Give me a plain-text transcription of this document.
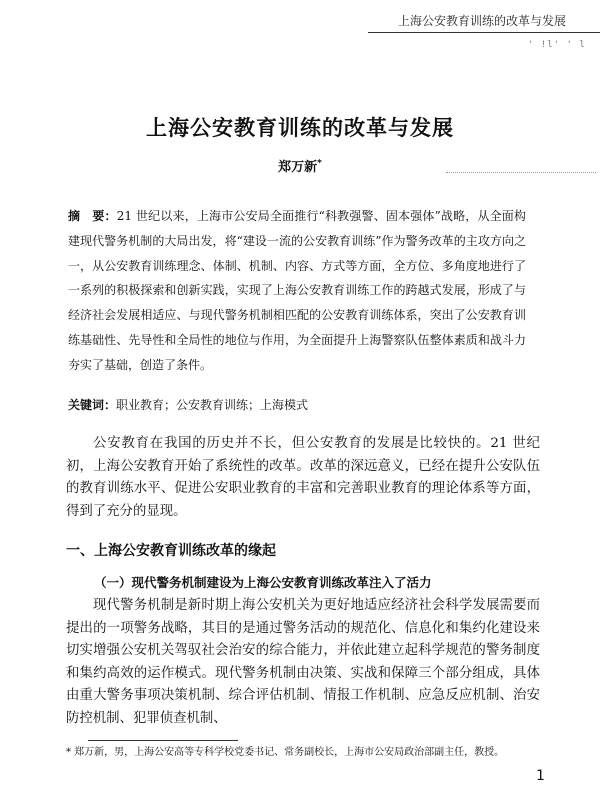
上海公安教育训练的改革与发展
' !l' ' l
上海公安教育训练的改革与发展
郑万新*

摘　要：21 世纪以来，上海市公安局全面推行“科教强警、固本强体”战略，从全面构建现代警务机制的大局出发，将“建设一流的公安教育训练”作为警务改革的主攻方向之一，从公安教育训练理念、体制、机制、内容、方式等方面，全方位、多角度地进行了一系列的积极探索和创新实践，实现了上海公安教育训练工作的跨越式发展，形成了与经济社会发展相适应、与现代警务机制相匹配的公安教育训练体系，突出了公安教育训练基础性、先导性和全局性的地位与作用，为全面提升上海警察队伍整体素质和战斗力夯实了基础，创造了条件。

关键词：职业教育；公安教育训练；上海模式

公安教育在我国的历史并不长，但公安教育的发展是比较快的。21 世纪初，上海公安教育开始了系统性的改革。改革的深远意义，已经在提升公安队伍的教育训练水平、促进公安职业教育的丰富和完善职业教育的理论体系等方面，得到了充分的显现。

一、上海公安教育训练改革的缘起
（一）现代警务机制建设为上海公安教育训练改革注入了活力

现代警务机制是新时期上海公安机关为更好地适应经济社会科学发展需要而提出的一项警务战略，其目的是通过警务活动的规范化、信息化和集约化建设来切实增强公安机关驾驭社会治安的综合能力，并依此建立起科学规范的警务制度和集约高效的运作模式。现代警务机制由决策、实战和保障三个部分组成，具体由重大警务事项决策机制、综合评估机制、情报工作机制、应急反应机制、治安防控机制、犯罪侦查机制、

* 郑万新，男，上海公安高等专科学校党委书记、常务副校长，上海市公安局政治部副主任，教授。

1
